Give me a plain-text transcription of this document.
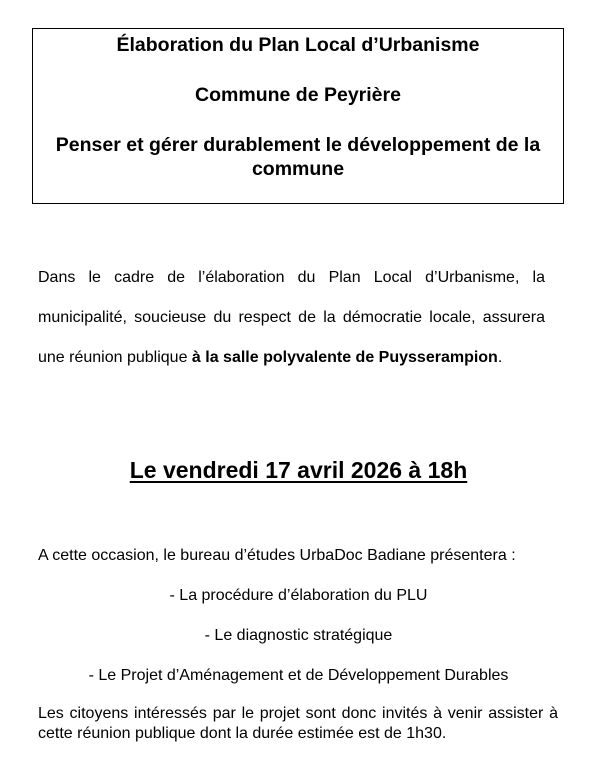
Élaboration du Plan Local d’Urbanisme
Commune de Peyrière
Penser et gérer durablement le développement de la commune

Dans le cadre de l’élaboration du Plan Local d’Urbanisme, la municipalité, soucieuse du respect de la démocratie locale, assurera une réunion publique à la salle polyvalente de Puysserampion.

Le vendredi 17 avril 2026 à 18h
A cette occasion, le bureau d’études UrbaDoc Badiane présentera :
- La procédure d’élaboration du PLU
- Le diagnostic stratégique
- Le Projet d’Aménagement et de Développement Durables
Les citoyens intéressés par le projet sont donc invités à venir assister à cette réunion publique dont la durée estimée est de 1h30.
